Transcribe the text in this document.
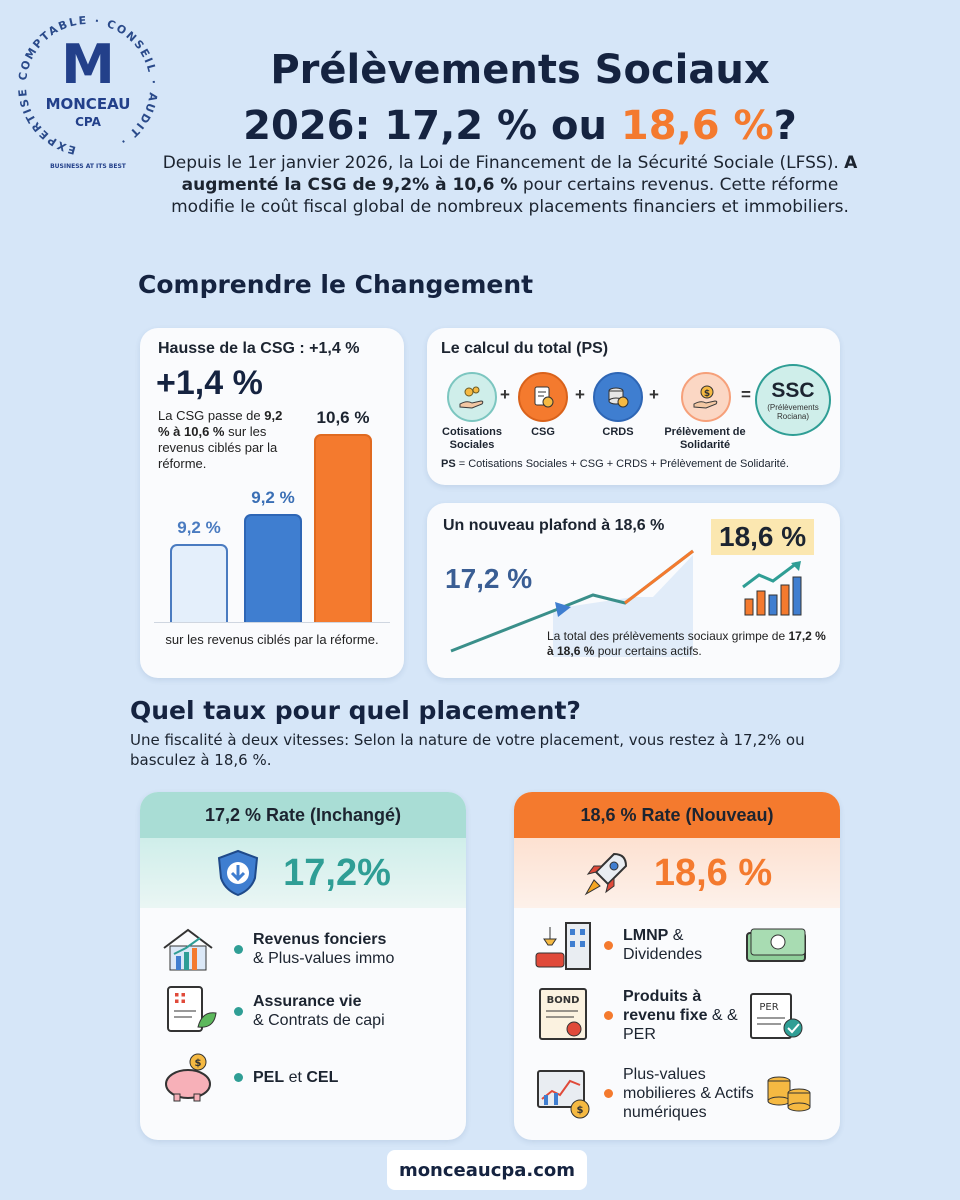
EXPERTISE COMPTABLE · CONSEIL · AUDIT ·
M
MONCEAU
CPA
BUSINESS AT ITS BEST
Prélèvements Sociaux
2026: 17,2 % ou 18,6 %?
Depuis le 1er janvier 2026, la Loi de Financement de la Sécurité Sociale (LFSS). A augmenté la CSG de 9,2% à 10,6 % pour certains revenus. Cette réforme modifie le coût fiscal global de nombreux placements financiers et immobiliers.
Comprendre le Changement
Hausse de la CSG : +1,4 %
+1,4 %
La CSG passe de 9,2 % à 10,6 % sur les revenus ciblés par la réforme.
9,2 %
9,2 %
10,6 %
sur les revenus ciblés par la réforme.
Le calcul du total (PS)
Cotisations Sociales
+
CSG
+
CRDS
+	$
Prélèvement de Solidarité
= SSC
(Prélèvements Rociana)
PS = Cotisations Sociales + CSG + CRDS + Prélèvement de Solidarité.
Un nouveau plafond à 18,6 %
17,2 %
18,6 %
La total des prélèvements sociaux grimpe de 17,2 % à 18,6 % pour certains actifs.
Quel taux pour quel placement?
Une fiscalité à deux vitesses: Selon la nature de votre placement, vous restez à 17,2% ou basculez à 18,6 %.
17,2 % Rate (Inchangé)
17,2%
Revenus fonciers
& Plus-values immo
Assurance vie
& Contrats de capi
$
PEL et CEL
18,6 % Rate (Nouveau)
18,6 %
LMNP & Dividendes
BOND	Produits à revenu fixe & & PER
PER
$
Plus-values mobilieres & Actifs numériques
monceaucpa.com
